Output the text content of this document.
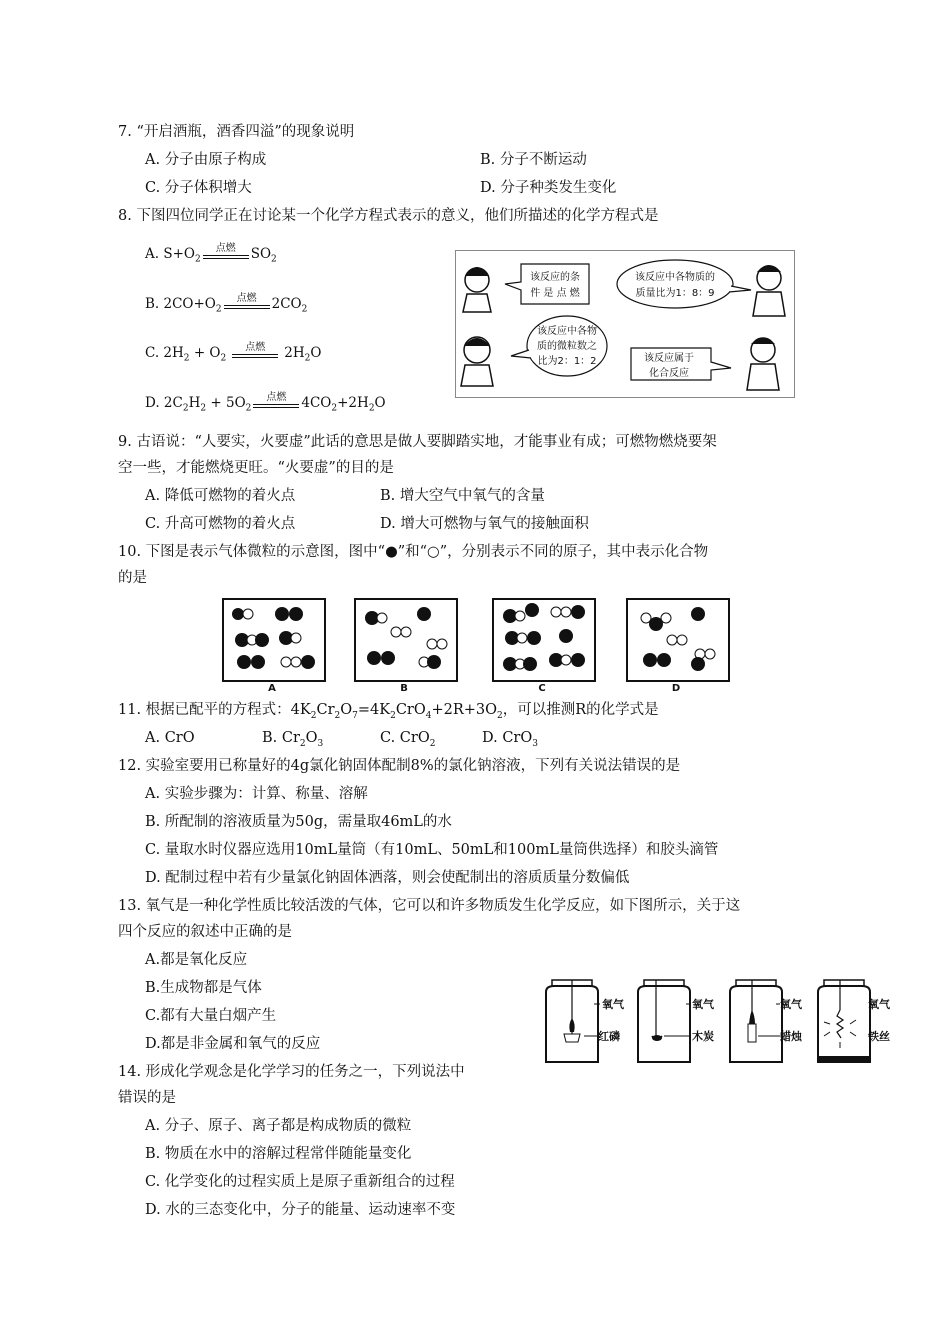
7. “开启酒瓶，酒香四溢”的现象说明
A. 分子由原子构成	B. 分子不断运动
C. 分子体积增大	D. 分子种类发生变化
8. 下图四位同学正在讨论某一个化学方程式表示的意义，他们所描述的化学方程式是
A. $S+O_2$
点燃	$SO_2$
B. $2CO+O_2$
点燃	$2CO_2$
C. $2H_2 + O_2$
点燃	$2H_2O$
D. $2C_2H_2 + 5O_2$
点燃	$4CO_2+2H_2O$
该反应的条
件 是 点 燃
该反应中各物质的
质量比为1：8：9
该反应中各物
质的微粒数之
比为2：1：2	该反应属于
化合反应
9. 古语说：“人要实，火要虚”此话的意思是做人要脚踏实地，才能事业有成；可燃物燃烧要架
空一些，才能燃烧更旺。“火要虚”的目的是
A. 降低可燃物的着火点	B. 增大空气中氧气的含量
C. 升高可燃物的着火点	D. 增大可燃物与氧气的接触面积
10. 下图是表示气体微粒的示意图，图中“●”和“○”，分别表示不同的原子，其中表示化合物
的是
A	B	C	D
11. 根据已配平的方程式：$4K_2Cr_2O_7=4K_2CrO_4+2R+3O_2$，可以推测R的化学式是
A. CrO	B. $Cr_2O_3$	C. CrO$_2$	D. CrO$_3$
12. 实验室要用已称量好的4g氯化钠固体配制8%的氯化钠溶液，下列有关说法错误的是
A. 实验步骤为：计算、称量、溶解
B. 所配制的溶液质量为50g，需量取46mL的水
C. 量取水时仪器应选用10mL量筒（有10mL、50mL和100mL量筒供选择）和胶头滴管
D. 配制过程中若有少量氯化钠固体洒落，则会使配制出的溶质质量分数偏低
13. 氧气是一种化学性质比较活泼的气体，它可以和许多物质发生化学反应，如下图所示，关于这
四个反应的叙述中正确的是
A.都是氧化反应
B.生成物都是气体
C.都有大量白烟产生
D.都是非金属和氧气的反应
氧气
红磷
氧气
木炭
氧气
蜡烛
氧气
铁丝
14. 形成化学观念是化学学习的任务之一，下列说法中
错误的是
A. 分子、原子、离子都是构成物质的微粒
B. 物质在水中的溶解过程常伴随能量变化
C. 化学变化的过程实质上是原子重新组合的过程
D. 水的三态变化中，分子的能量、运动速率不变
